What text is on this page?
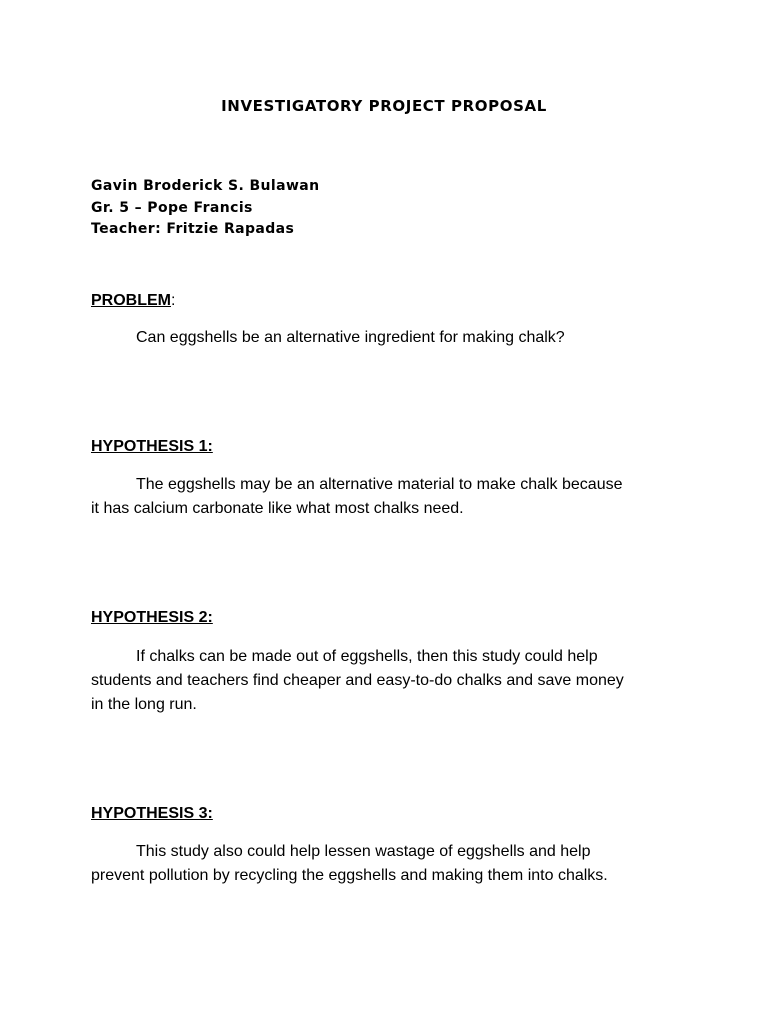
INVESTIGATORY PROJECT PROPOSAL
Gavin Broderick S. Bulawan
Gr. 5 – Pope Francis
Teacher: Fritzie Rapadas
PROBLEM:
Can eggshells be an alternative ingredient for making chalk?
HYPOTHESIS 1:
The eggshells may be an alternative material to make chalk because
it has calcium carbonate like what most chalks need.
HYPOTHESIS 2:
If chalks can be made out of eggshells, then this study could help
students and teachers find cheaper and easy-to-do chalks and save money
in the long run.
HYPOTHESIS 3:
This study also could help lessen wastage of eggshells and help
prevent pollution by recycling the eggshells and making them into chalks.
